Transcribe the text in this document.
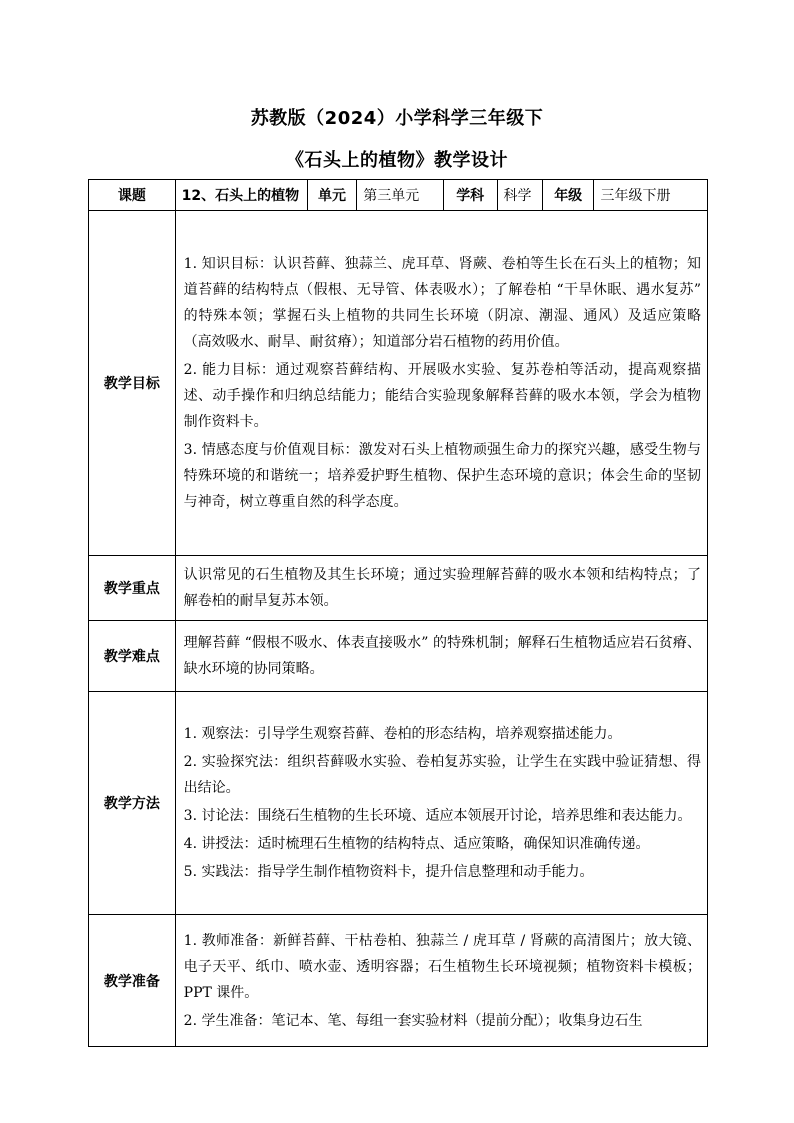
苏教版（2024）小学科学三年级下
《石头上的植物》教学设计
课题	12、石头上的植物	单元	第三单元	学科	科学	年级	三年级下册
教学目标	1. 知识目标：认识苔藓、独蒜兰、虎耳草、肾蕨、卷柏等生长在石头上的植物；知道苔藓的结构特点（假根、无导管、体表吸水）；了解卷柏 “干旱休眠、遇水复苏” 的特殊本领；掌握石头上植物的共同生长环境（阴凉、潮湿、通风）及适应策略（高效吸水、耐旱、耐贫瘠）；知道部分岩石植物的药用价值。

2. 能力目标：通过观察苔藓结构、开展吸水实验、复苏卷柏等活动，提高观察描述、动手操作和归纳总结能力；能结合实验现象解释苔藓的吸水本领，学会为植物制作资料卡。

3. 情感态度与价值观目标：激发对石头上植物顽强生命力的探究兴趣，感受生物与特殊环境的和谐统一；培养爱护野生植物、保护生态环境的意识；体会生命的坚韧与神奇，树立尊重自然的科学态度。						

教学重点	认识常见的石生植物及其生长环境；通过实验理解苔藓的吸水本领和结构特点；了解卷柏的耐旱复苏本领。						
教学难点	理解苔藓 “假根不吸水、体表直接吸水” 的特殊机制；解释石生植物适应岩石贫瘠、缺水环境的协同策略。						
教学方法	1. 观察法：引导学生观察苔藓、卷柏的形态结构，培养观察描述能力。

2. 实验探究法：组织苔藓吸水实验、卷柏复苏实验，让学生在实践中验证猜想、得出结论。

3. 讨论法：围绕石生植物的生长环境、适应本领展开讨论，培养思维和表达能力。

4. 讲授法：适时梳理石生植物的结构特点、适应策略，确保知识准确传递。

5. 实践法：指导学生制作植物资料卡，提升信息整理和动手能力。						

教学准备	1. 教师准备：新鲜苔藓、干枯卷柏、独蒜兰 / 虎耳草 / 肾蕨的高清图片；放大镜、电子天平、纸巾、喷水壶、透明容器；石生植物生长环境视频；植物资料卡模板；PPT 课件。

2. 学生准备：笔记本、笔、每组一套实验材料（提前分配）；收集身边石生						
